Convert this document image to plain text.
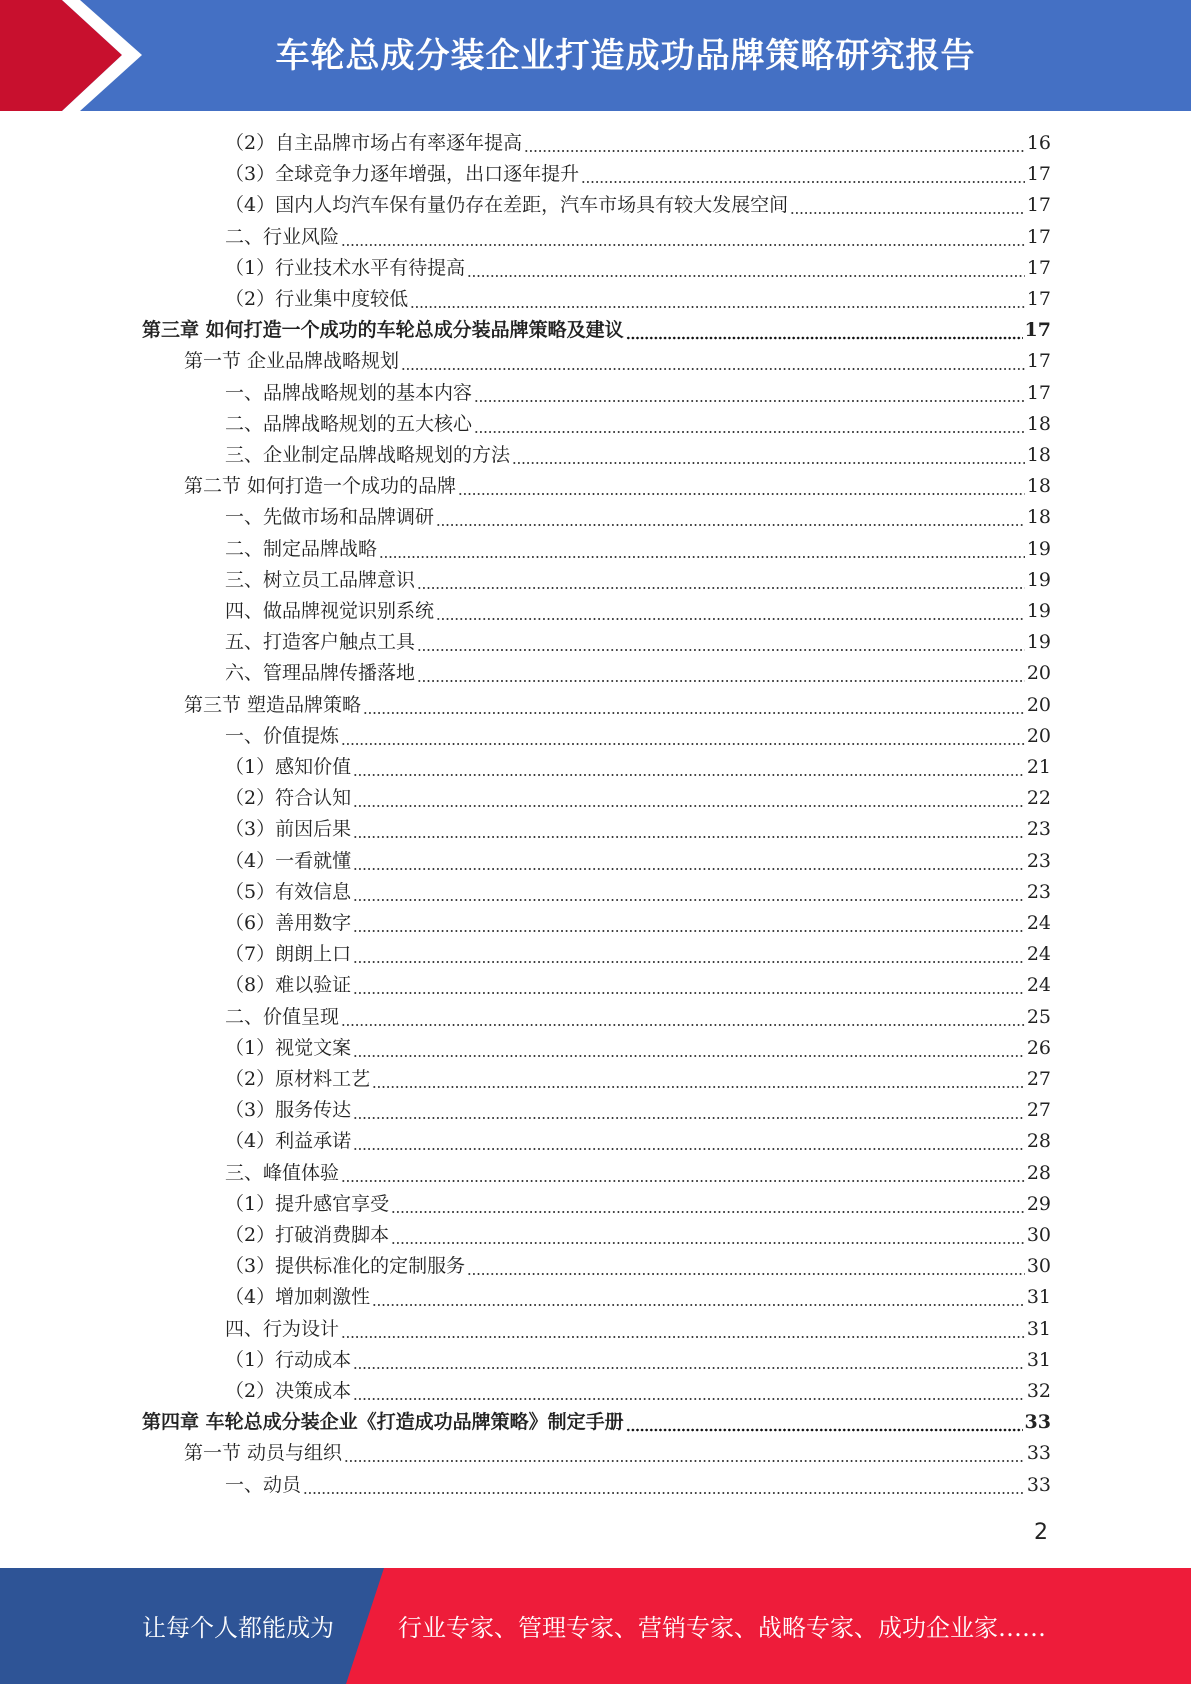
车轮总成分装企业打造成功品牌策略研究报告
（2）自主品牌市场占有率逐年提高	16
（3）全球竞争力逐年增强，出口逐年提升	17
（4）国内人均汽车保有量仍存在差距，汽车市场具有较大发展空间	17
二、行业风险	17
（1）行业技术水平有待提高	17
（2）行业集中度较低	17
第三章 如何打造一个成功的车轮总成分装品牌策略及建议	17
第一节 企业品牌战略规划	17
一、品牌战略规划的基本内容	17
二、品牌战略规划的五大核心	18
三、企业制定品牌战略规划的方法	18
第二节 如何打造一个成功的品牌	18
一、先做市场和品牌调研	18
二、制定品牌战略	19
三、树立员工品牌意识	19
四、做品牌视觉识别系统	19
五、打造客户触点工具	19
六、管理品牌传播落地	20
第三节 塑造品牌策略	20
一、价值提炼	20
（1）感知价值	21
（2）符合认知	22
（3）前因后果	23
（4）一看就懂	23
（5）有效信息	23
（6）善用数字	24
（7）朗朗上口	24
（8）难以验证	24
二、价值呈现	25
（1）视觉文案	26
（2）原材料工艺	27
（3）服务传达	27
（4）利益承诺	28
三、峰值体验	28
（1）提升感官享受	29
（2）打破消费脚本	30
（3）提供标准化的定制服务	30
（4）增加刺激性	31
四、行为设计	31
（1）行动成本	31
（2）决策成本	32
第四章 车轮总成分装企业《打造成功品牌策略》制定手册	33
第一节 动员与组织	33
一、动员	33
2
让每个人都能成为	行业专家、管理专家、营销专家、战略专家、成功企业家……
